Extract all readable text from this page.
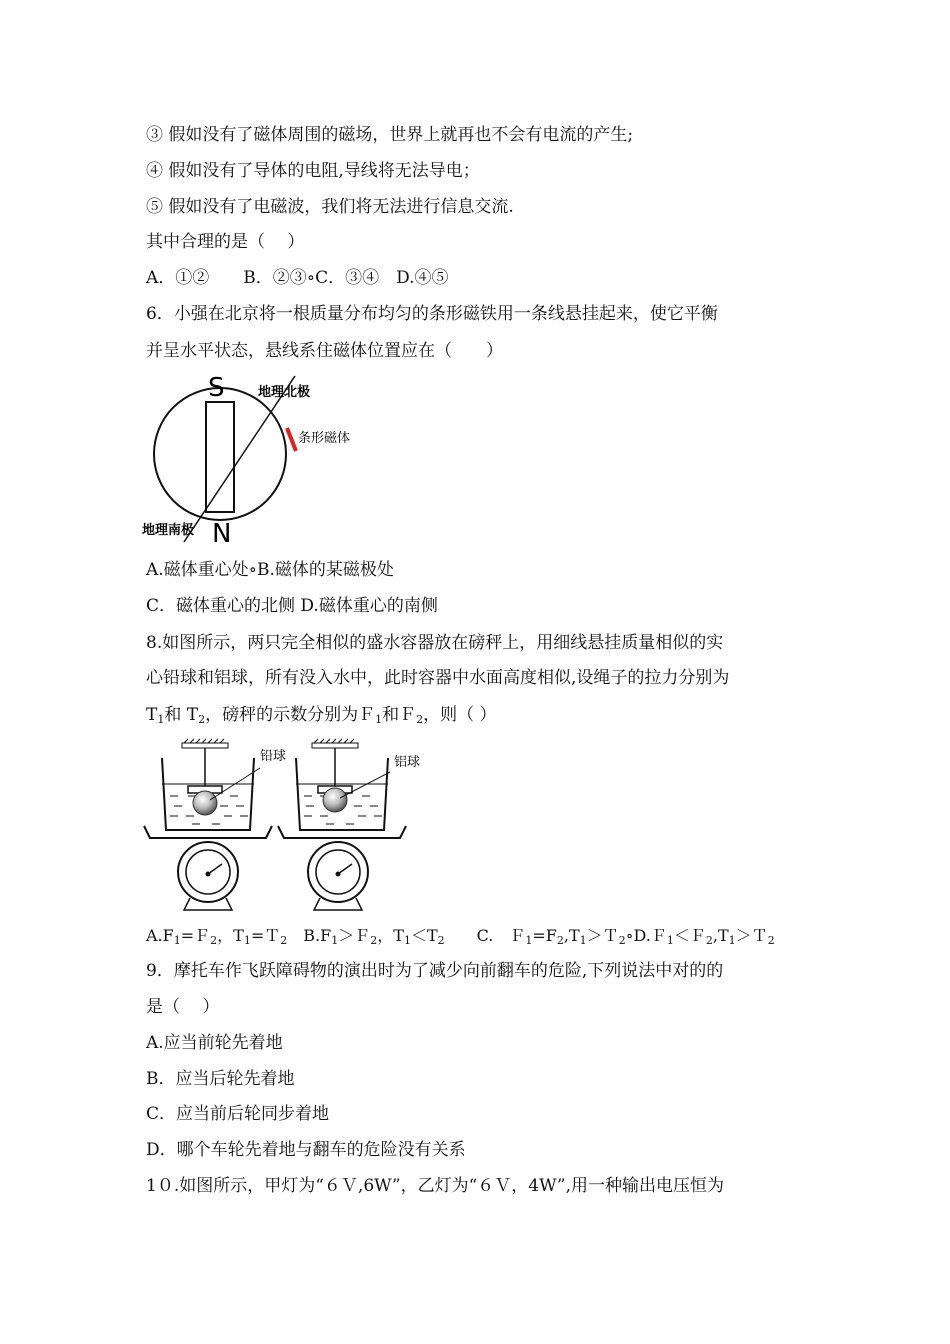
③ 假如没有了磁体周围的磁场，世界上就再也不会有电流的产生;

④ 假如没有了导体的电阻,导线将无法导电；

⑤ 假如没有了电磁波，我们将无法进行信息交流.

其中合理的是（　 ）

A．①②　　B．②③∘C．③④　D.④⑤

6．小强在北京将一根质量分布均匀的条形磁铁用一条线悬挂起来，使它平衡

并呈水平状态，悬线系住磁体位置应在（　　）

S
N
地理北极
条形磁体
地理南极

A.磁体重心处∘B.磁体的某磁极处

C．磁体重心的北侧 D.磁体重心的南侧

8.如图所示，两只完全相似的盛水容器放在磅秤上，用细线悬挂质量相似的实

心铅球和铝球，所有没入水中，此时容器中水面高度相似,设绳子的拉力分别为

$T_1$和 $T_2$，磅秤的示数分别为Ｆ$_1$和Ｆ$_2$，则（ ）

铅球	铝球

$A.F_1=F_2$，$T_1=T_2$　$B.F_1>F_2$，$T_1<T_2$　　C.　$F_1=F_2,T_1>T_2\circ D.F_1<F_2,T_1>T_2$

9．摩托车作飞跃障碍物的演出时为了减少向前翻车的危险,下列说法中对的的

是（　 ）

A.应当前轮先着地

B．应当后轮先着地

C．应当前后轮同步着地

D．哪个车轮先着地与翻车的危险没有关系

1０.如图所示，甲灯为“６Ｖ,6W”，乙灯为“６Ｖ，4W”,用一种输出电压恒为
